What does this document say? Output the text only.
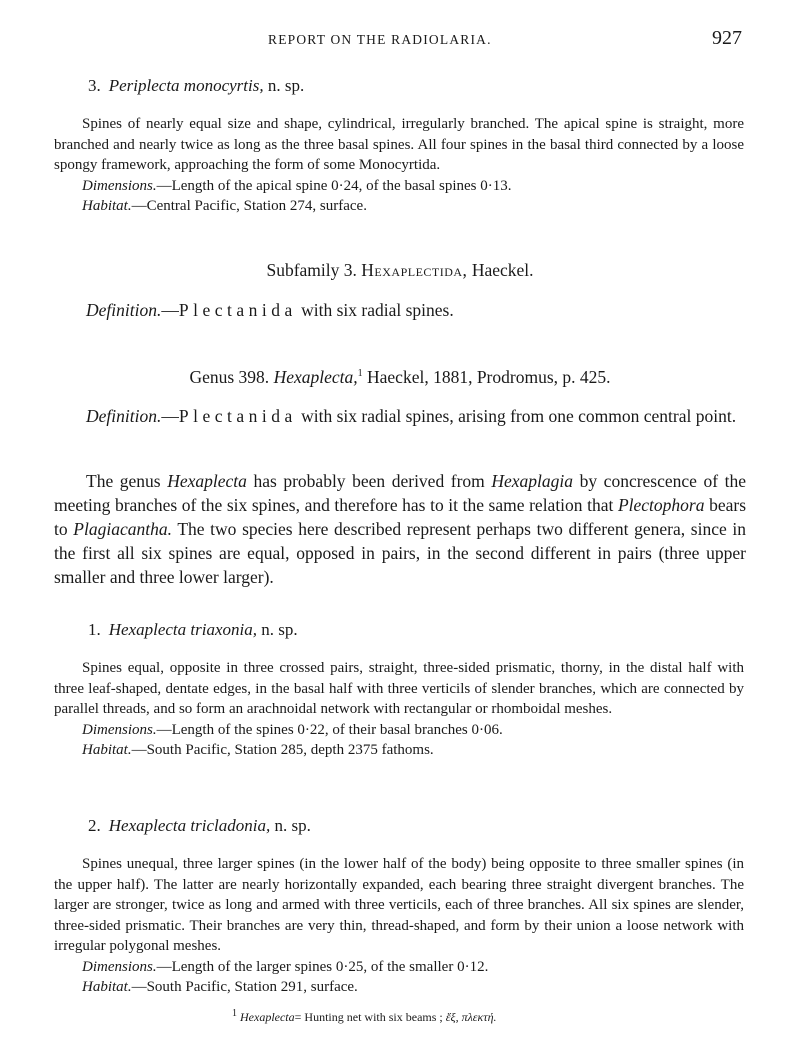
REPORT ON THE RADIOLARIA.	927
3. Periplecta monocyrtis, n. sp.

Spines of nearly equal size and shape, cylindrical, irregularly branched. The apical spine is straight, more branched and nearly twice as long as the three basal spines. All four spines in the basal third connected by a loose spongy framework, approaching the form of some Monocyrtida.

Dimensions.—Length of the apical spine 0·24, of the basal spines 0·13.

Habitat.—Central Pacific, Station 274, surface.

Subfamily 3. Hexaplectida, Haeckel.
Definition.—Plectanida with six radial spines.
Genus 398. Hexaplecta,$^1$ Haeckel, 1881, Prodromus, p. 425.
Definition.—Plectanida with six radial spines, arising from one common central point.
The genus Hexaplecta has probably been derived from Hexaplagia by concrescence of the meeting branches of the six spines, and therefore has to it the same relation that Plectophora bears to Plagiacantha. The two species here described represent perhaps two different genera, since in the first all six spines are equal, opposed in pairs, in the second different in pairs (three upper smaller and three lower larger).
1. Hexaplecta triaxonia, n. sp.

Spines equal, opposite in three crossed pairs, straight, three-sided prismatic, thorny, in the distal half with three leaf-shaped, dentate edges, in the basal half with three verticils of slender branches, which are connected by parallel threads, and so form an arachnoidal network with rectangular or rhomboidal meshes.

Dimensions.—Length of the spines 0·22, of their basal branches 0·06.

Habitat.—South Pacific, Station 285, depth 2375 fathoms.

2. Hexaplecta tricladonia, n. sp.

Spines unequal, three larger spines (in the lower half of the body) being opposite to three smaller spines (in the upper half). The latter are nearly horizontally expanded, each bearing three straight divergent branches. The larger are stronger, twice as long and armed with three verticils, each of three branches. All six spines are slender, three-sided prismatic. Their branches are very thin, thread-shaped, and form by their union a loose network with irregular polygonal meshes.

Dimensions.—Length of the larger spines 0·25, of the smaller 0·12.

Habitat.—South Pacific, Station 291, surface.

$^1$ Hexaplecta= Hunting net with six beams ; ἕξ, πλεκτή.
